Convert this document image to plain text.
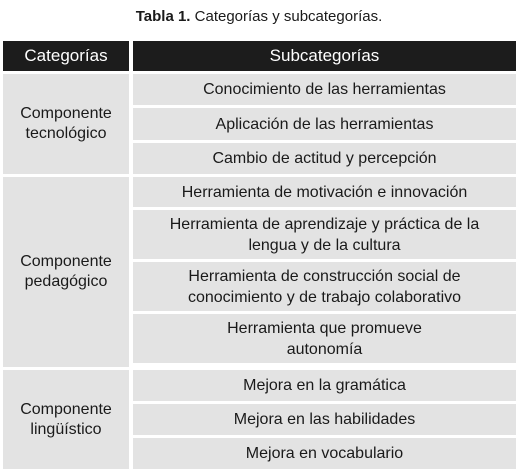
Tabla 1. Categorías y subcategorías.
Categorías	Subcategorías
Componente
tecnológico
Conocimiento de las herramientas
Aplicación de las herramientas
Cambio de actitud y percepción
Componente
pedagógico
Herramienta de motivación e innovación
Herramienta de aprendizaje y práctica de la
lengua y de la cultura
Herramienta de construcción social de
conocimiento y de trabajo colaborativo
Herramienta que promueve
autonomía
Componente
lingüístico
Mejora en la gramática
Mejora en las habilidades
Mejora en vocabulario
